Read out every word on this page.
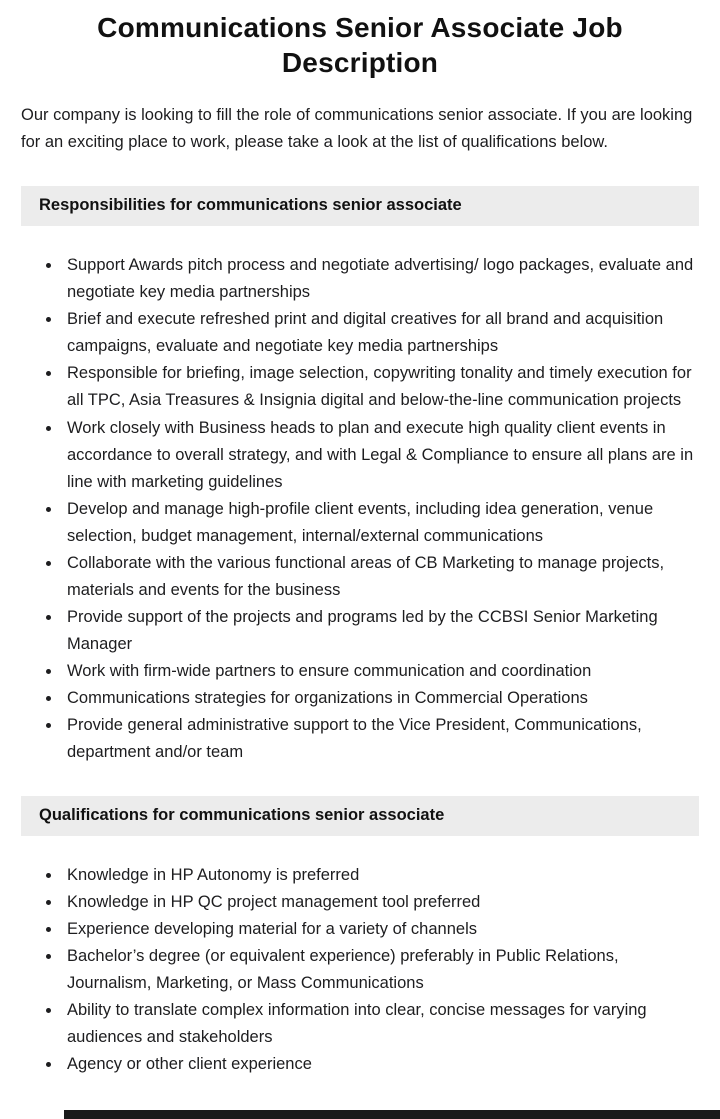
Communications Senior Associate Job Description

Our company is looking to fill the role of communications senior associate. If you are looking for an exciting place to work, please take a look at the list of qualifications below.

Responsibilities for communications senior associate
• Support Awards pitch process and negotiate advertising/ logo packages, evaluate and negotiate key media partnerships
• Brief and execute refreshed print and digital creatives for all brand and acquisition campaigns, evaluate and negotiate key media partnerships
• Responsible for briefing, image selection, copywriting tonality and timely execution for all TPC, Asia Treasures & Insignia digital and below-the-line communication projects
• Work closely with Business heads to plan and execute high quality client events in accordance to overall strategy, and with Legal & Compliance to ensure all plans are in line with marketing guidelines
• Develop and manage high-profile client events, including idea generation, venue selection, budget management, internal/external communications
• Collaborate with the various functional areas of CB Marketing to manage projects, materials and events for the business
• Provide support of the projects and programs led by the CCBSI Senior Marketing Manager
• Work with firm-wide partners to ensure communication and coordination
• Communications strategies for organizations in Commercial Operations
• Provide general administrative support to the Vice President, Communications, department and/or team
Qualifications for communications senior associate
• Knowledge in HP Autonomy is preferred
• Knowledge in HP QC project management tool preferred
• Experience developing material for a variety of channels
• Bachelor’s degree (or equivalent experience) preferably in Public Relations, Journalism, Marketing, or Mass Communications
• Ability to translate complex information into clear, concise messages for varying audiences and stakeholders
• Agency or other client experience
